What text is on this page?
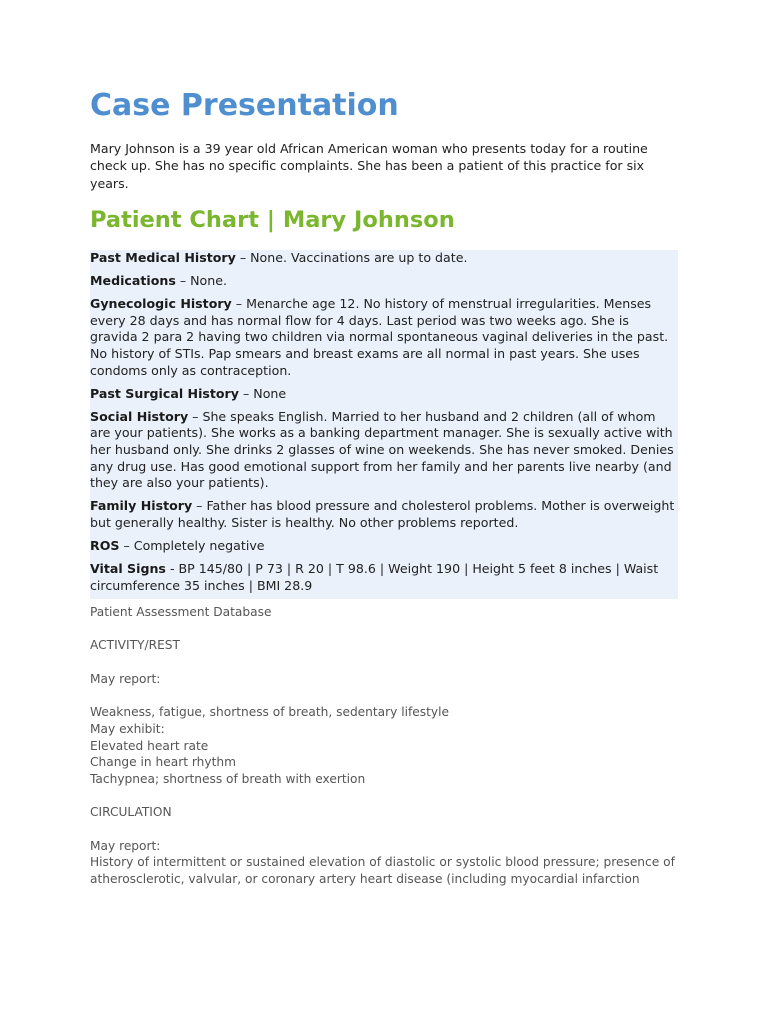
Case Presentation
Mary Johnson is a 39 year old African American woman who presents today for a routine check up. She has no specific complaints. She has been a patient of this practice for six years.
Patient Chart | Mary Johnson

Past Medical History – None. Vaccinations are up to date.

Medications – None.

Gynecologic History – Menarche age 12. No history of menstrual irregularities. Menses every 28 days and has normal flow for 4 days. Last period was two weeks ago. She is gravida 2 para 2 having two children via normal spontaneous vaginal deliveries in the past. No history of STIs. Pap smears and breast exams are all normal in past years. She uses condoms only as contraception.

Past Surgical History – None

Social History – She speaks English. Married to her husband and 2 children (all of whom are your patients). She works as a banking department manager. She is sexually active with her husband only. She drinks 2 glasses of wine on weekends. She has never smoked. Denies any drug use. Has good emotional support from her family and her parents live nearby (and they are also your patients).

Family History – Father has blood pressure and cholesterol problems. Mother is overweight but generally healthy. Sister is healthy. No other problems reported.

ROS – Completely negative

Vital Signs - BP 145/80 | P 73 | R 20 | T 98.6 | Weight 190 | Height 5 feet 8 inches | Waist circumference 35 inches | BMI 28.9

Patient Assessment Database
ACTIVITY/REST
May report:
Weakness, fatigue, shortness of breath, sedentary lifestyle
May exhibit:
Elevated heart rate
Change in heart rhythm
Tachypnea; shortness of breath with exertion
CIRCULATION
May report:
History of intermittent or sustained elevation of diastolic or systolic blood pressure; presence of atherosclerotic, valvular, or coronary artery heart disease (including myocardial infarction
